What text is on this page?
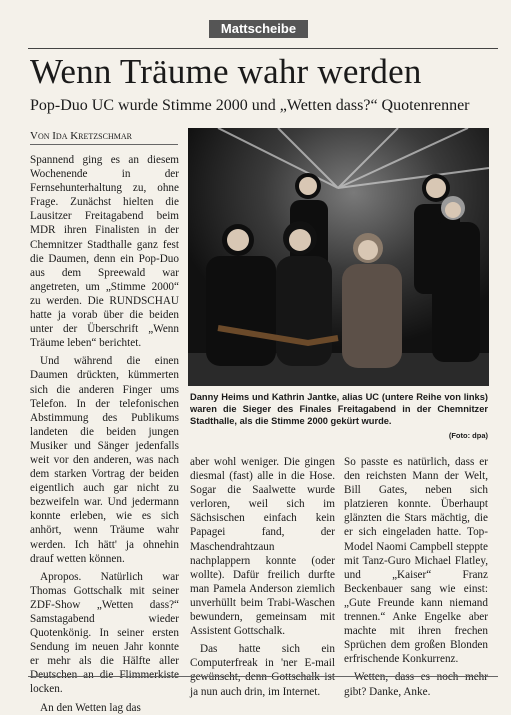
Mattscheibe
Wenn Träume wahr werden
Pop-Duo UC wurde Stimme 2000 und „Wetten dass?“ Quotenrenner
Von Ida Kretzschmar

Spannend ging es an diesem Wochenende in der Fernsehunterhaltung zu, ohne Frage. Zunächst hielten die Lausitzer Freitagabend beim MDR ihren Finalisten in der Chemnitzer Stadthalle ganz fest die Daumen, denn ein Pop-Duo aus dem Spreewald war angetreten, um „Stimme 2000“ zu werden. Die RUNDSCHAU hatte ja vorab über die beiden unter der Überschrift „Wenn Träume leben“ berichtet.

Und während die einen Daumen drückten, kümmerten sich die anderen Finger ums Telefon. In der telefonischen Abstimmung des Publikums landeten die beiden jungen Musiker und Sänger jedenfalls weit vor den anderen, was nach dem starken Vortrag der beiden eigentlich auch gar nicht zu bezweifeln war. Und jedermann konnte erleben, wie es sich anhört, wenn Träume wahr werden. Ich hätt' ja ohnehin drauf wetten können.

Apropos. Natürlich war Thomas Gottschalk mit seiner ZDF-Show „Wetten dass?“ Samstagabend wieder Quotenkönig. In seiner ersten Sendung im neuen Jahr konnte er mehr als die Hälfte aller Deutschen an die Flimmerkiste locken.

An den Wetten lag das

Danny Heims und Kathrin Jantke, alias UC (untere Reihe von links) waren die Sieger des Finales Freitagabend in der Chemnitzer Stadthalle, als die Stimme 2000 gekürt wurde.
(Foto: dpa)

aber wohl weniger. Die gingen diesmal (fast) alle in die Hose. Sogar die Saalwette wurde verloren, weil sich im Sächsischen einfach kein Papagei fand, der Maschendrahtzaun nachplappern konnte (oder wollte). Dafür freilich durfte man Pamela Anderson ziemlich unverhüllt beim Trabi-Waschen bewundern, gemeinsam mit Assistent Gottschalk.

Das hatte sich ein Computerfreak in 'ner E-mail gewünscht, denn Gottschalk ist ja nun auch drin, im Internet.

So passte es natürlich, dass er den reichsten Mann der Welt, Bill Gates, neben sich platzieren konnte. Überhaupt glänzten die Stars mächtig, die er sich eingeladen hatte. Top-Model Naomi Campbell steppte mit Tanz-Guro Michael Flatley, und „Kaiser“ Franz Beckenbauer sang wie einst: „Gute Freunde kann niemand trennen.“ Anke Engelke aber machte mit ihren frechen Sprüchen dem großen Blonden erfrischende Konkurrenz.

Wetten, dass es noch mehr gibt? Danke, Anke.
